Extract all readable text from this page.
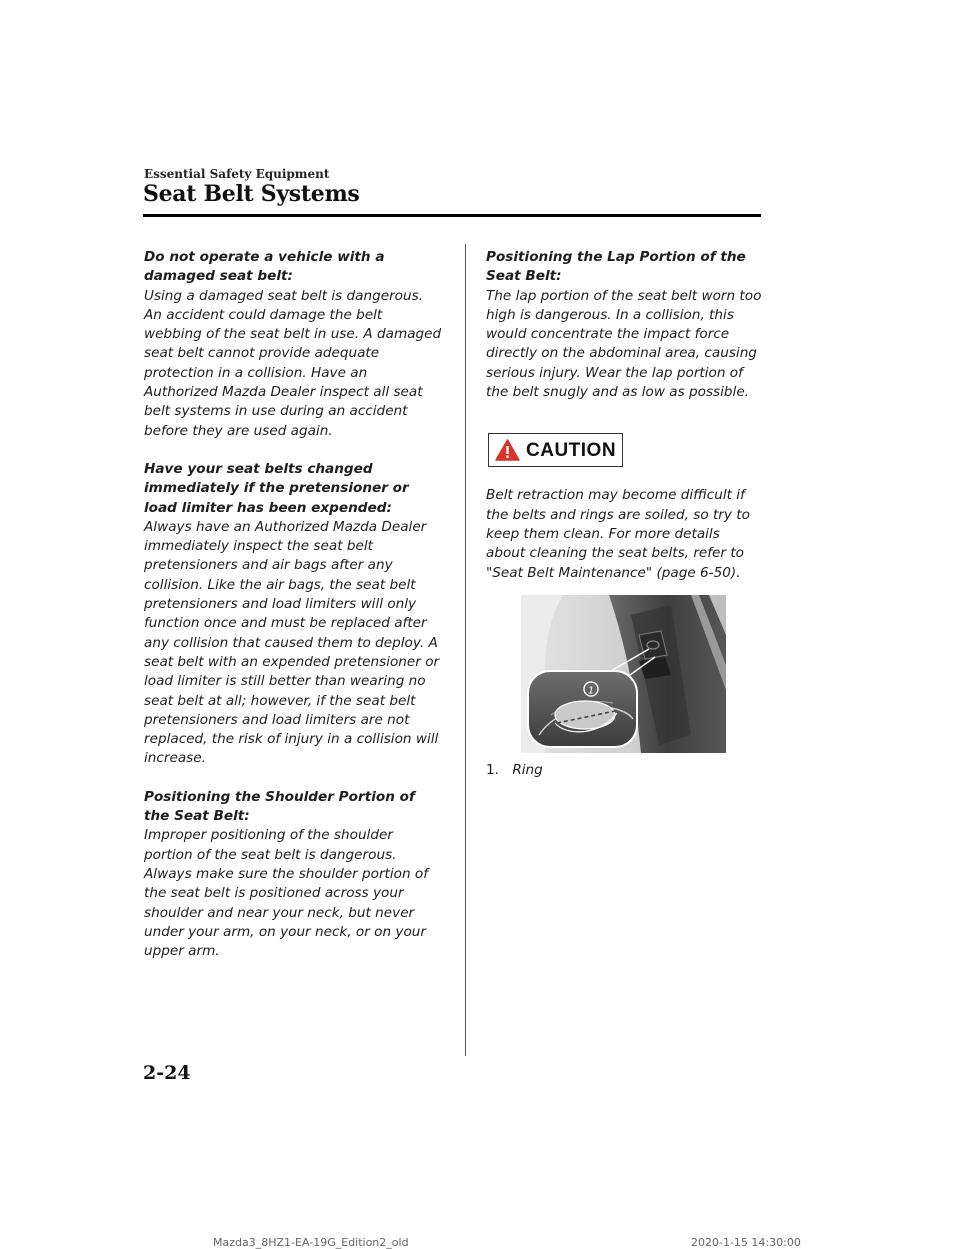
Essential Safety Equipment
Seat Belt Systems

Do not operate a vehicle with a damaged seat belt:

Using a damaged seat belt is dangerous. An accident could damage the belt webbing of the seat belt in use. A damaged seat belt cannot provide adequate protection in a collision. Have an Authorized Mazda Dealer inspect all seat belt systems in use during an accident before they are used again.

Have your seat belts changed immediately if the pretensioner or load limiter has been expended:

Always have an Authorized Mazda Dealer immediately inspect the seat belt pretensioners and air bags after any collision. Like the air bags, the seat belt pretensioners and load limiters will only function once and must be replaced after any collision that caused them to deploy. A seat belt with an expended pretensioner or load limiter is still better than wearing no seat belt at all; however, if the seat belt pretensioners and load limiters are not replaced, the risk of injury in a collision will increase.

Positioning the Shoulder Portion of the Seat Belt:

Improper positioning of the shoulder portion of the seat belt is dangerous. Always make sure the shoulder portion of the seat belt is positioned across your shoulder and near your neck, but never under your arm, on your neck, or on your upper arm.

Positioning the Lap Portion of the Seat Belt:

The lap portion of the seat belt worn too high is dangerous. In a collision, this would concentrate the impact force directly on the abdominal area, causing serious injury. Wear the lap portion of the belt snugly and as low as possible.

CAUTION

Belt retraction may become difficult if the belts and rings are soiled, so try to keep them clean. For more details about cleaning the seat belts, refer to "Seat Belt Maintenance" (page 6-50).

1
1. Ring
2-24
Mazda3_8HZ1-EA-19G_Edition2_old	2020-1-15 14:30:00
